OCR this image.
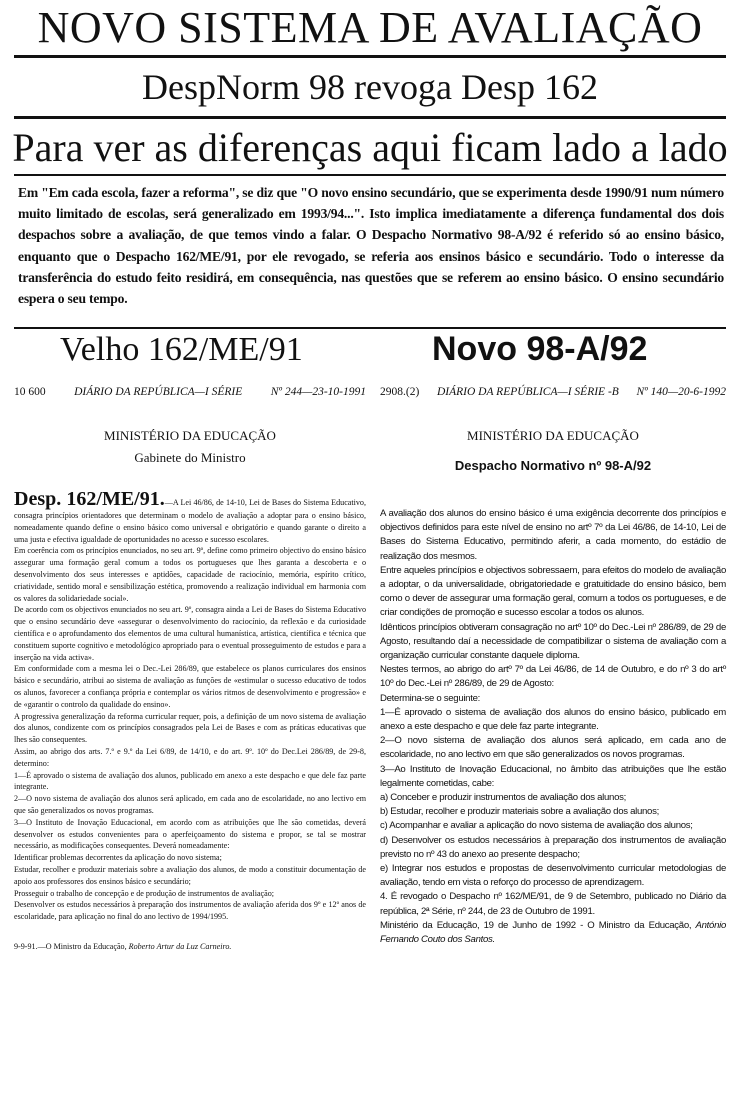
NOVO SISTEMA DE AVALIAÇÃO
DespNorm 98 revoga Desp 162
Para ver as diferenças aqui ficam lado a lado
Em "Em cada escola, fazer a reforma", se diz que "O novo ensino secundário, que se experimenta desde 1990/91 num número muito limitado de escolas, será generalizado em 1993/94...". Isto implica imediatamente a diferença fundamental dos dois despachos sobre a avaliação, de que temos vindo a falar. O Despacho Normativo 98-A/92 é referido só ao ensino básico, enquanto que o Despacho 162/ME/91, por ele revogado, se referia aos ensinos básico e secundário. Todo o interesse da transferência do estudo feito residirá, em consequência, nas questões que se referem ao ensino básico. O ensino secundário espera o seu tempo.
Velho 162/ME/91	Novo 98-A/92
10 600 DIÁRIO DA REPÚBLICA—I SÉRIE Nº 244—23-10-1991
MINISTÉRIO DA EDUCAÇÃO
Gabinete do Ministro

Desp. 162/ME/91.—A Lei 46/86, de 14-10, Lei de Bases do Sistema Educativo, consagra princípios orientadores que determinam o modelo de avaliação a adoptar para o ensino básico, nomeadamente quando define o ensino básico como universal e obrigatório e quando garante o direito a uma justa e efectiva igualdade de oportunidades no acesso e sucesso escolares.

Em coerência com os princípios enunciados, no seu art. 9º, define como primeiro objectivo do ensino básico assegurar uma formação geral comum a todos os portugueses que lhes garanta a descoberta e o desenvolvimento dos seus interesses e aptidões, capacidade de raciocínio, memória, espírito crítico, criatividade, sentido moral e sensibilização estética, promovendo a realização individual em harmonia com os valores da solidariedade social».

De acordo com os objectivos enunciados no seu art. 9º, consagra ainda a Lei de Bases do Sistema Educativo que o ensino secundário deve «assegurar o desenvolvimento do raciocínio, da reflexão e da curiosidade científica e o aprofundamento dos elementos de uma cultural humanística, artística, científica e técnica que constituem suporte cognitivo e metodológico apropriado para o eventual prosseguimento de estudos e para a inserção na vida activa».

Em conformidade com a mesma lei o Dec.-Lei 286/89, que estabelece os planos curriculares dos ensinos básico e secundário, atribui ao sistema de avaliação as funções de «estimular o sucesso educativo de todos os alunos, favorecer a confiança própria e contemplar os vários ritmos de desenvolvimento e progressão» e de «garantir o controlo da qualidade do ensino».

A progressiva generalização da reforma curricular requer, pois, a definição de um novo sistema de avaliação dos alunos, condizente com os princípios consagrados pela Lei de Bases e com as práticas educativas que lhes são consequentes.

Assim, ao abrigo dos arts. 7.º e 9.º da Lei 6/89, de 14/10, e do art. 9º. 10º do Dec.Lei 286/89, de 29-8, determino:

1—É aprovado o sistema de avaliação dos alunos, publicado em anexo a este despacho e que dele faz parte integrante.

2—O novo sistema de avaliação dos alunos será aplicado, em cada ano de escolaridade, no ano lectivo em que são generalizados os novos programas.

3—O Instituto de Inovação Educacional, em acordo com as atribuições que lhe são cometidas, deverá desenvolver os estudos convenientes para o aperfeiçoamento do sistema e propor, se tal se mostrar necessário, as modificações consequentes. Deverá nomeadamente:

Identificar problemas decorrentes da aplicação do novo sistema;

Estudar, recolher e produzir materiais sobre a avaliação dos alunos, de modo a constituir documentação de apoio aos professores dos ensinos básico e secundário;

Prosseguir o trabalho de concepção e de produção de instrumentos de avaliação;

Desenvolver os estudos necessários à preparação dos instrumentos de avaliação aferida dos 9º e 12º anos de escolaridade, para aplicação no final do ano lectivo de 1994/1995.

9-9-91.—O Ministro da Educação, Roberto Artur da Luz Carneiro.

2908.(2) DIÁRIO DA REPÚBLICA—I SÉRIE -B Nº 140—20-6-1992
MINISTÉRIO DA EDUCAÇÃO
Despacho Normativo nº 98-A/92

A avaliação dos alunos do ensino básico é uma exigência decorrente dos princípios e objectivos definidos para este nível de ensino no artº 7º da Lei 46/86, de 14-10, Lei de Bases do Sistema Educativo, permitindo aferir, a cada momento, do estádio de realização dos mesmos.

Entre aqueles princípios e objectivos sobressaem, para efeitos do modelo de avaliação a adoptar, o da universalidade, obrigatoriedade e gratuitidade do ensino básico, bem como o dever de assegurar uma formação geral, comum a todos os portugueses, e de criar condições de promoção e sucesso escolar a todos os alunos.

Idênticos princípios obtiveram consagração no artº 10º do Dec.-Lei nº 286/89, de 29 de Agosto, resultando daí a necessidade de compatibilizar o sistema de avaliação com a organização curricular constante daquele diploma.

Nestes termos, ao abrigo do artº 7º da Lei 46/86, de 14 de Outubro, e do nº 3 do artº 10º do Dec.-Lei nº 286/89, de 29 de Agosto:

Determina-se o seguinte:

1—É aprovado o sistema de avaliação dos alunos do ensino básico, publicado em anexo a este despacho e que dele faz parte integrante.

2—O novo sistema de avaliação dos alunos será aplicado, em cada ano de escolaridade, no ano lectivo em que são generalizados os novos programas.

3—Ao Instituto de Inovação Educacional, no âmbito das atribuições que lhe estão legalmente cometidas, cabe:

a) Conceber e produzir instrumentos de avaliação dos alunos;

b) Estudar, recolher e produzir materiais sobre a avaliação dos alunos;

c) Acompanhar e avaliar a aplicação do novo sistema de avaliação dos alunos;

d) Desenvolver os estudos necessários à preparação dos instrumentos de avaliação previsto no nº 43 do anexo ao presente despacho;

e) Integrar nos estudos e propostas de desenvolvimento curricular metodologias de avaliação, tendo em vista o reforço do processo de aprendizagem.

4. É revogado o Despacho nº 162/ME/91, de 9 de Setembro, publicado no Diário da república, 2ª Série, nº 244, de 23 de Outubro de 1991.

Ministério da Educação, 19 de Junho de 1992 - O Ministro da Educação, António Fernando Couto dos Santos.
